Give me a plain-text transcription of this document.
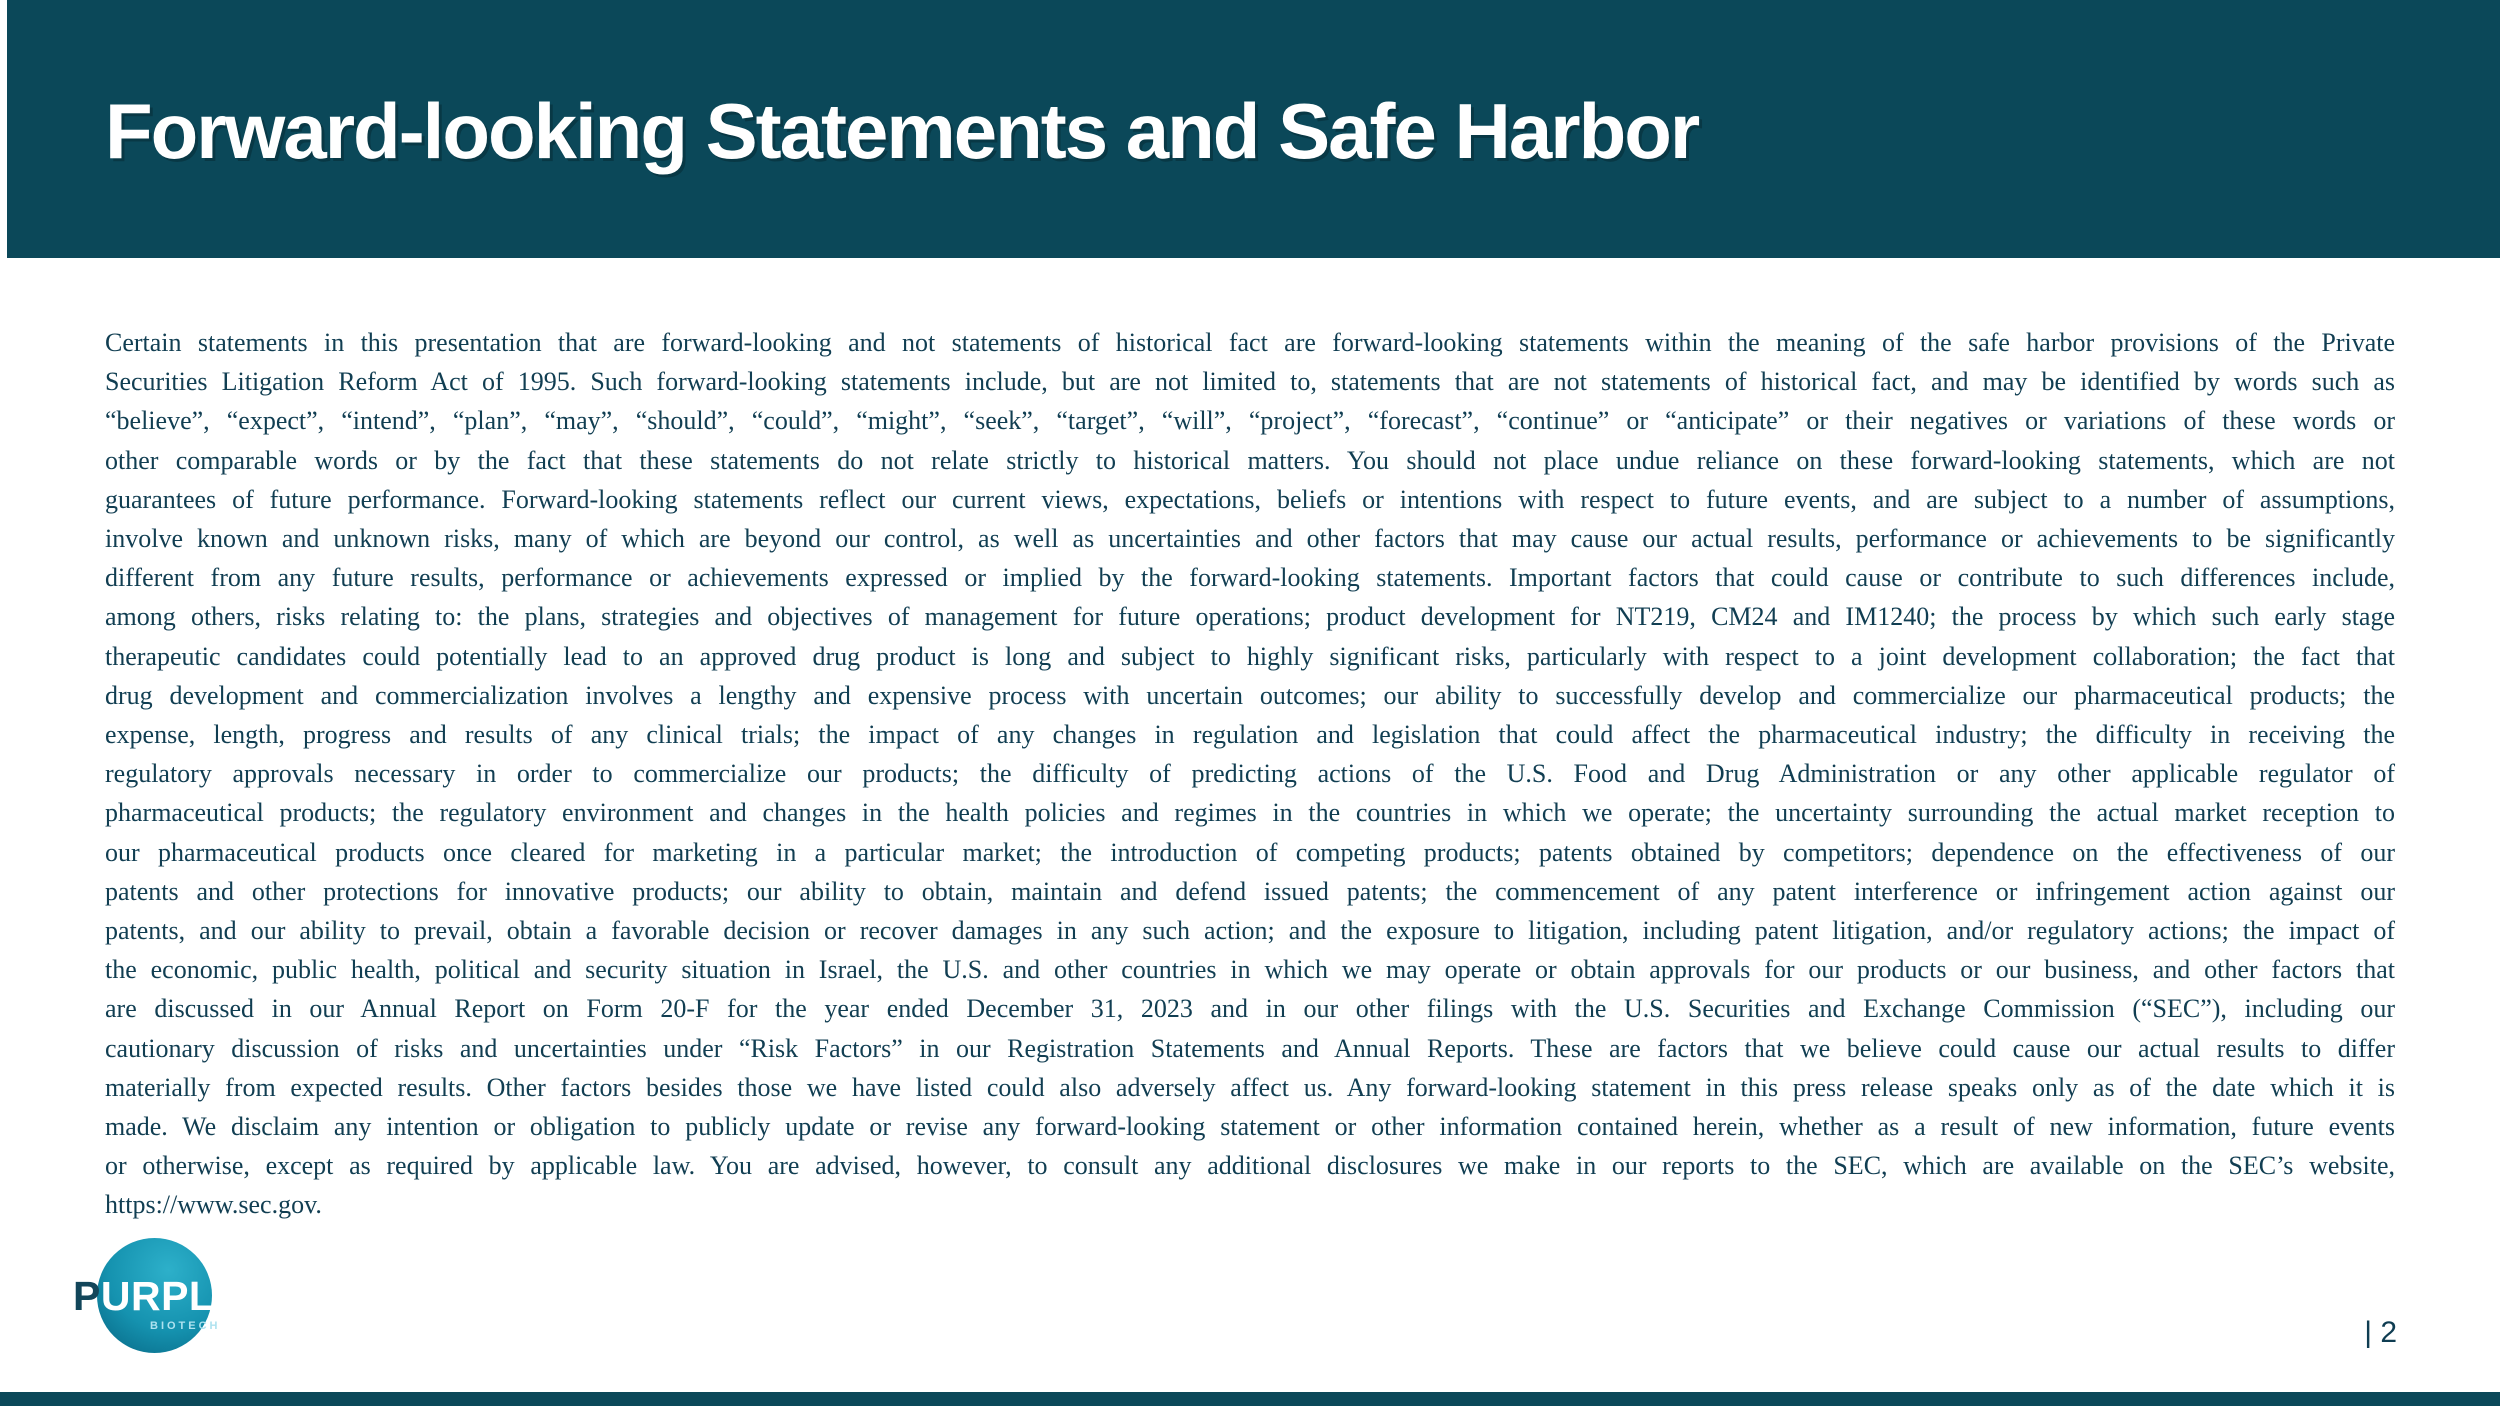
Forward-looking Statements and Safe Harbor
Certain statements in this presentation that are forward-looking and not statements of historical fact are forward-looking statements within the meaning of the safe harbor provisions of the Private
Securities Litigation Reform Act of 1995. Such forward-looking statements include, but are not limited to, statements that are not statements of historical fact, and may be identified by words such as
“believe”, “expect”, “intend”, “plan”, “may”, “should”, “could”, “might”, “seek”, “target”, “will”, “project”, “forecast”, “continue” or “anticipate” or their negatives or variations of these words or
other comparable words or by the fact that these statements do not relate strictly to historical matters. You should not place undue reliance on these forward-looking statements, which are not
guarantees of future performance. Forward-looking statements reflect our current views, expectations, beliefs or intentions with respect to future events, and are subject to a number of assumptions,
involve known and unknown risks, many of which are beyond our control, as well as uncertainties and other factors that may cause our actual results, performance or achievements to be significantly
different from any future results, performance or achievements expressed or implied by the forward-looking statements. Important factors that could cause or contribute to such differences include,
among others, risks relating to: the plans, strategies and objectives of management for future operations; product development for NT219, CM24 and IM1240; the process by which such early stage
therapeutic candidates could potentially lead to an approved drug product is long and subject to highly significant risks, particularly with respect to a joint development collaboration; the fact that
drug development and commercialization involves a lengthy and expensive process with uncertain outcomes; our ability to successfully develop and commercialize our pharmaceutical products; the
expense, length, progress and results of any clinical trials; the impact of any changes in regulation and legislation that could affect the pharmaceutical industry; the difficulty in receiving the
regulatory approvals necessary in order to commercialize our products; the difficulty of predicting actions of the U.S. Food and Drug Administration or any other applicable regulator of
pharmaceutical products; the regulatory environment and changes in the health policies and regimes in the countries in which we operate; the uncertainty surrounding the actual market reception to
our pharmaceutical products once cleared for marketing in a particular market; the introduction of competing products; patents obtained by competitors; dependence on the effectiveness of our
patents and other protections for innovative products; our ability to obtain, maintain and defend issued patents; the commencement of any patent interference or infringement action against our
patents, and our ability to prevail, obtain a favorable decision or recover damages in any such action; and the exposure to litigation, including patent litigation, and/or regulatory actions; the impact of
the economic, public health, political and security situation in Israel, the U.S. and other countries in which we may operate or obtain approvals for our products or our business, and other factors that
are discussed in our Annual Report on Form 20-F for the year ended December 31, 2023 and in our other filings with the U.S. Securities and Exchange Commission (“SEC”), including our
cautionary discussion of risks and uncertainties under “Risk Factors” in our Registration Statements and Annual Reports. These are factors that we believe could cause our actual results to differ
materially from expected results. Other factors besides those we have listed could also adversely affect us. Any forward-looking statement in this press release speaks only as of the date which it is
made. We disclaim any intention or obligation to publicly update or revise any forward-looking statement or other information contained herein, whether as a result of new information, future events
or otherwise, except as required by applicable law. You are advised, however, to consult any additional disclosures we make in our reports to the SEC, which are available on the SEC’s website,
https://www.sec.gov.
PURPLE
BIOTECH	| 2
